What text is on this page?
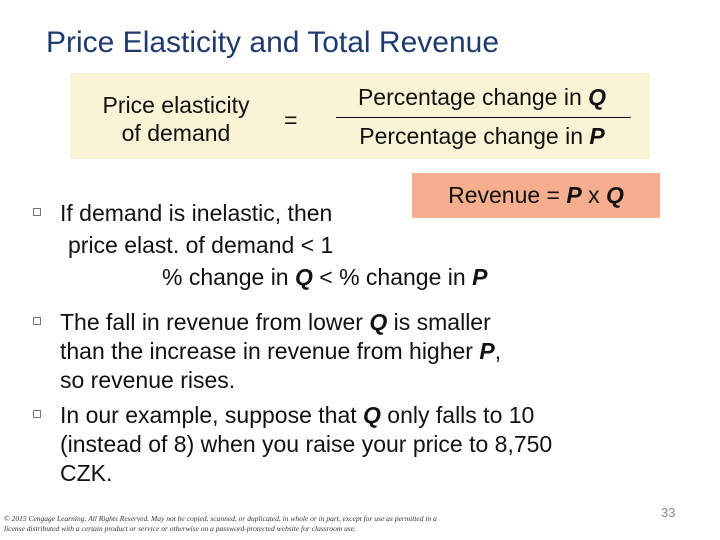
Price Elasticity and Total Revenue
Price elasticity
of demand	=
Percentage change in Q
Percentage change in P
Revenue = P x Q
If demand is inelastic, then
price elast. of demand < 1
% change in Q < % change in P
The fall in revenue from lower Q is smaller
than the increase in revenue from higher P,
so revenue rises.
In our example, suppose that Q only falls to 10
(instead of 8) when you raise your price to 8,750
CZK.
© 2015 Cengage Learning. All Rights Reserved. May not be copied, scanned, or duplicated, in whole or in part, except for use as permitted in a license distributed with a certain product or service or otherwise on a password-protected website for classroom use.
33
